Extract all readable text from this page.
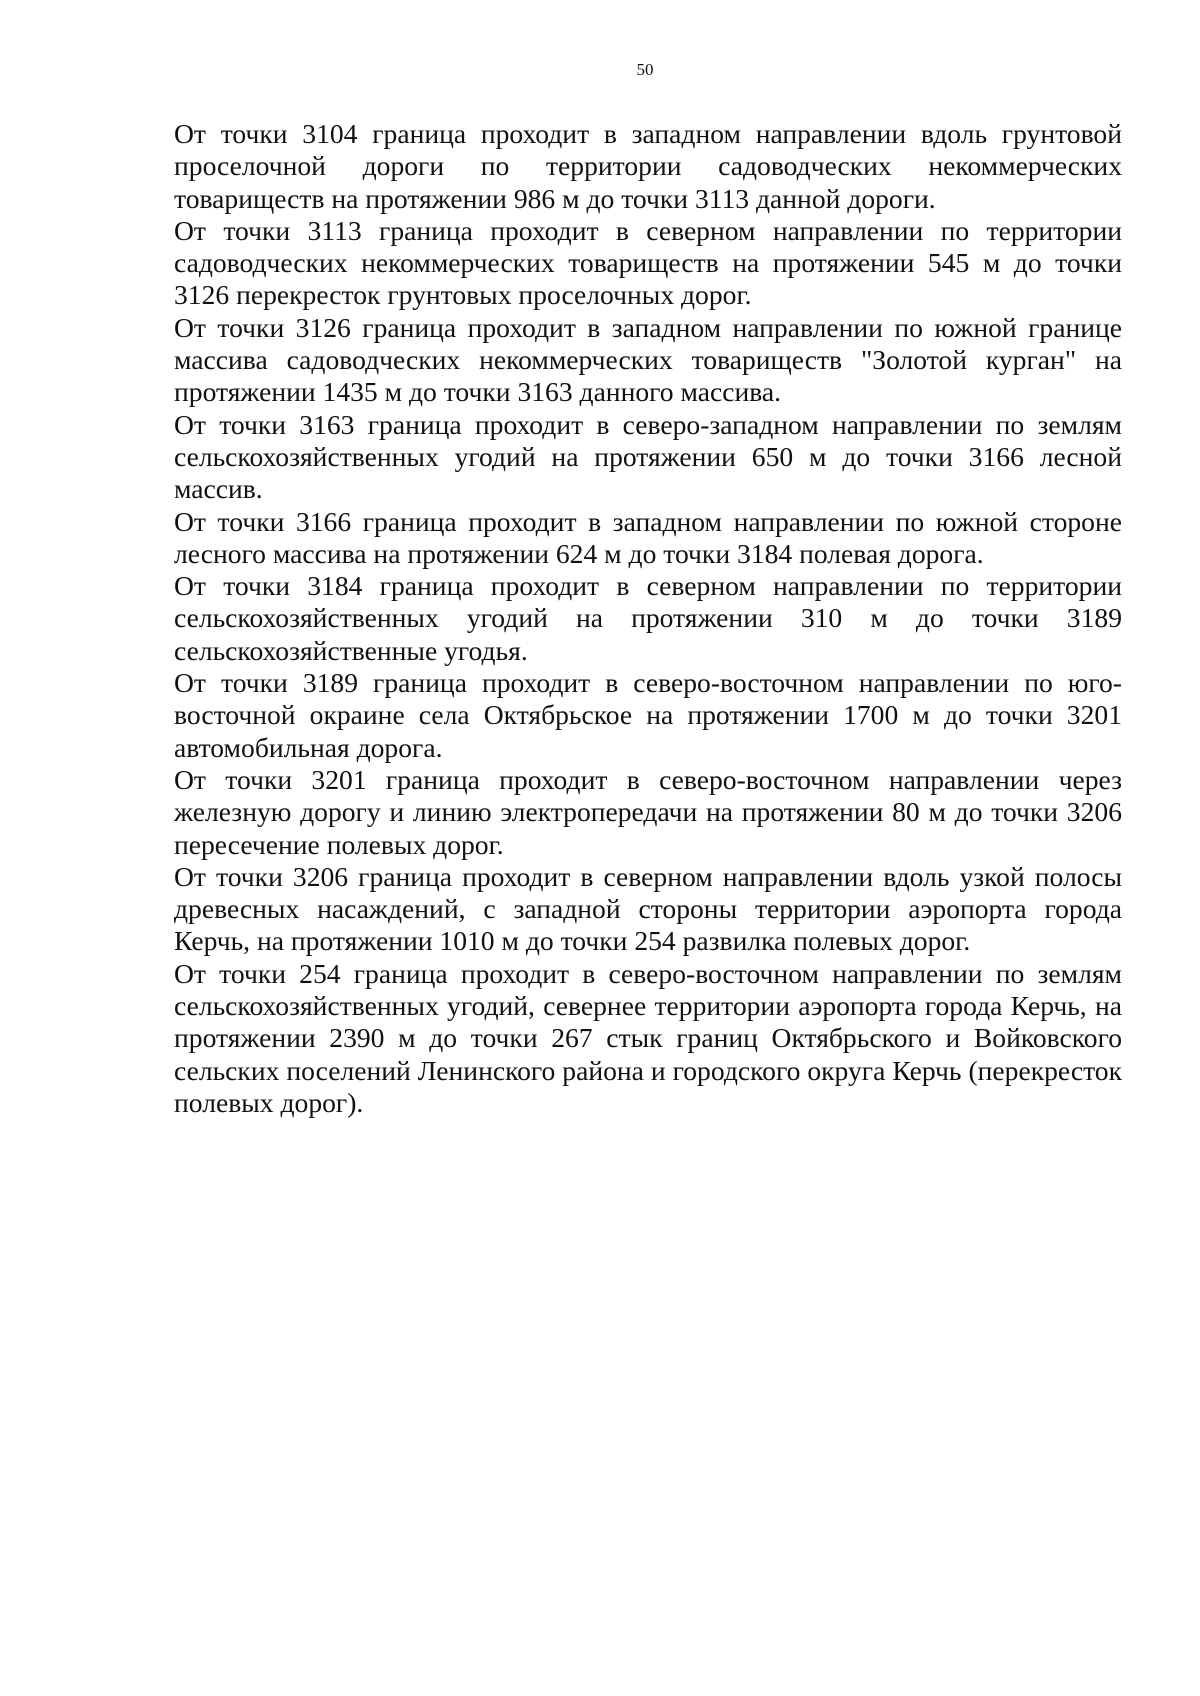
50

От точки 3104 граница проходит в западном направлении вдоль грунтовой проселочной дороги по территории садоводческих некоммерческих товариществ на протяжении 986 м до точки 3113 данной дороги.

От точки 3113 граница проходит в северном направлении по территории садоводческих некоммерческих товариществ на протяжении 545 м до точки 3126 перекресток грунтовых проселочных дорог.

От точки 3126 граница проходит в западном направлении по южной границе массива садоводческих некоммерческих товариществ "Золотой курган" на протяжении 1435 м до точки 3163 данного массива.

От точки 3163 граница проходит в северо-западном направлении по землям сельскохозяйственных угодий на протяжении 650 м до точки 3166 лесной массив.

От точки 3166 граница проходит в западном направлении по южной стороне лесного массива на протяжении 624 м до точки 3184 полевая дорога.

От точки 3184 граница проходит в северном направлении по территории сельскохозяйственных угодий на протяжении 310 м до точки 3189 сельскохозяйственные угодья.

От точки 3189 граница проходит в северо-восточном направлении по юго-восточной окраине села Октябрьское на протяжении 1700 м до точки 3201 автомобильная дорога.

От точки 3201 граница проходит в северо-восточном направлении через железную дорогу и линию электропередачи на протяжении 80 м до точки 3206 пересечение полевых дорог.

От точки 3206 граница проходит в северном направлении вдоль узкой полосы древесных насаждений, с западной стороны территории аэропорта города Керчь, на протяжении 1010 м до точки 254 развилка полевых дорог.

От точки 254 граница проходит в северо-восточном направлении по землям сельскохозяйственных угодий, севернее территории аэропорта города Керчь, на протяжении 2390 м до точки 267 стык границ Октябрьского и Войковского сельских поселений Ленинского района и городского округа Керчь (перекресток полевых дорог).
